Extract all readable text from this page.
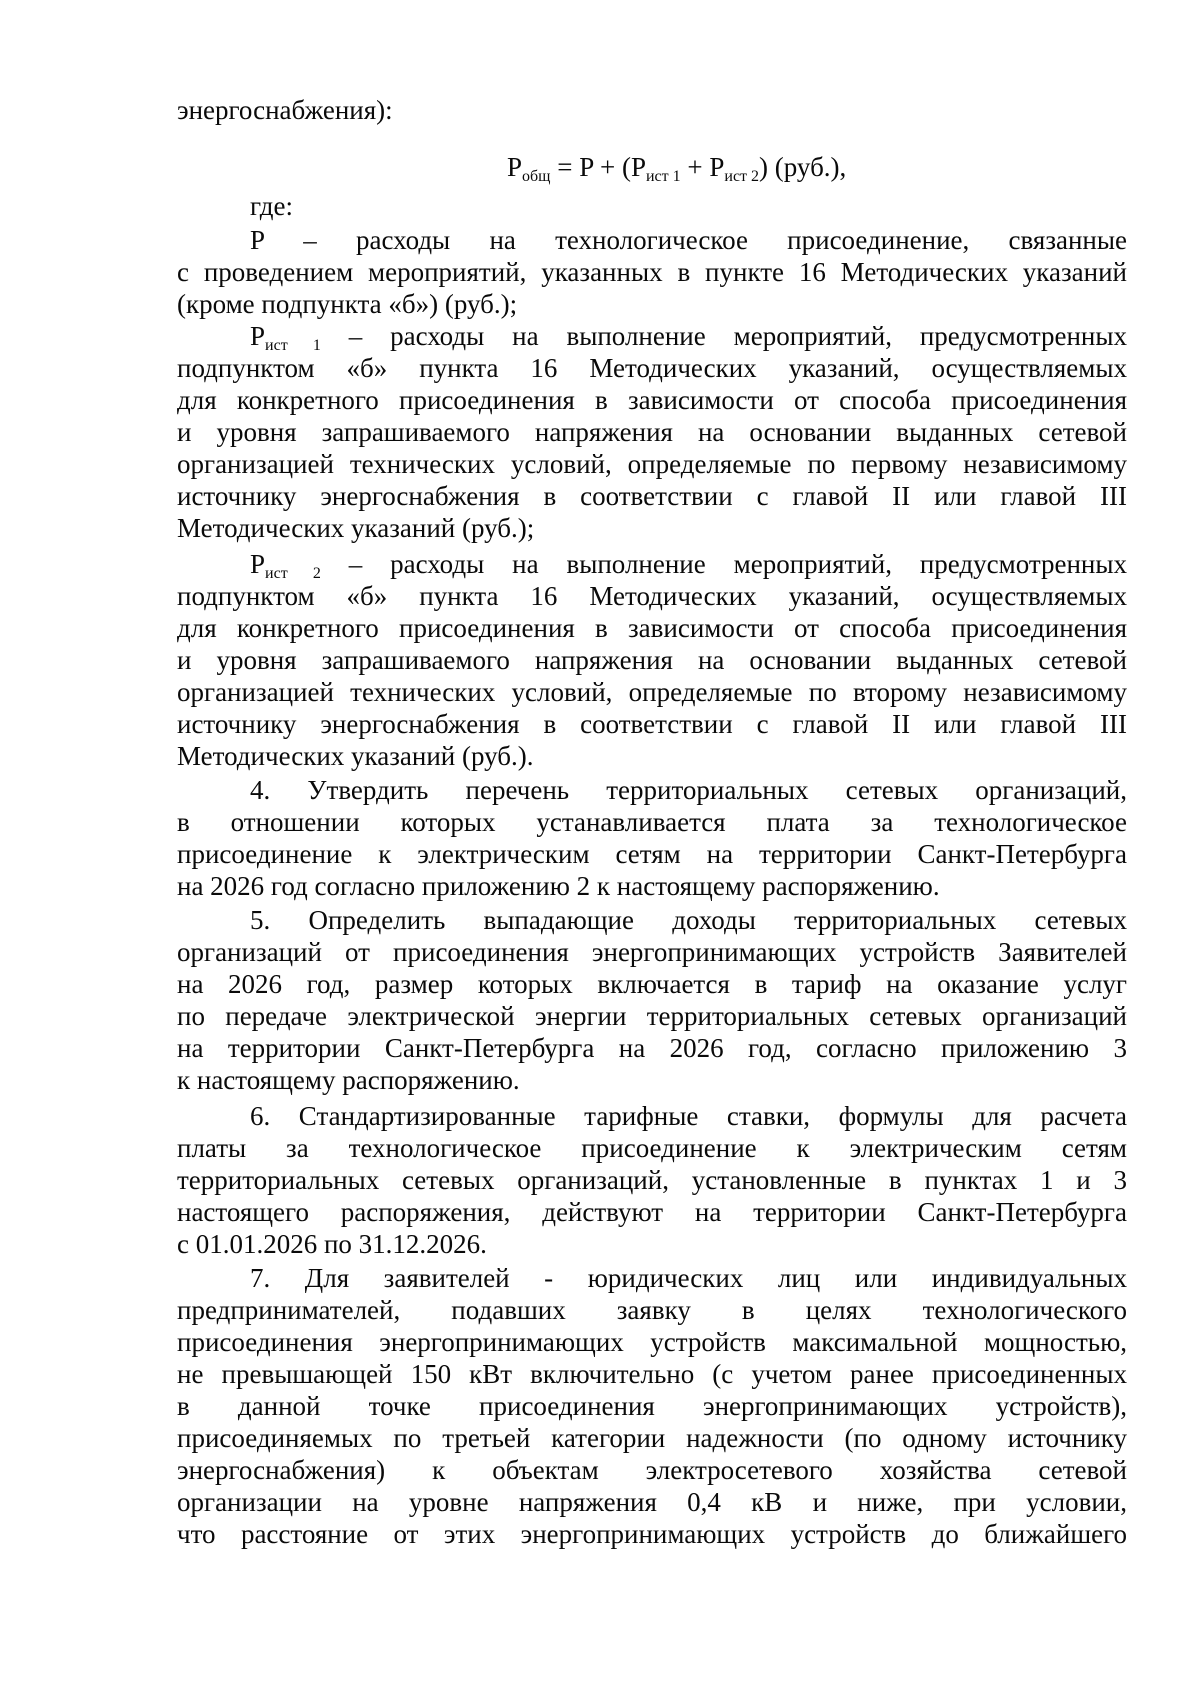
энергоснабжения):
$P_{общ} = P + (P_{ист 1} + P_{ист 2})$ (руб.),
где:
P – расходы на технологическое присоединение, связанные
с проведением мероприятий, указанных в пункте 16 Методических указаний
(кроме подпункта «б») (руб.);
$P_{ист 1}$ – расходы на выполнение мероприятий, предусмотренных
подпунктом «б» пункта 16 Методических указаний, осуществляемых
для конкретного присоединения в зависимости от способа присоединения
и уровня запрашиваемого напряжения на основании выданных сетевой
организацией технических условий, определяемые по первому независимому
источнику энергоснабжения в соответствии с главой II или главой III
Методических указаний (руб.);
$P_{ист 2}$ – расходы на выполнение мероприятий, предусмотренных
подпунктом «б» пункта 16 Методических указаний, осуществляемых
для конкретного присоединения в зависимости от способа присоединения
и уровня запрашиваемого напряжения на основании выданных сетевой
организацией технических условий, определяемые по второму независимому
источнику энергоснабжения в соответствии с главой II или главой III
Методических указаний (руб.).
4. Утвердить перечень территориальных сетевых организаций,
в отношении которых устанавливается плата за технологическое
присоединение к электрическим сетям на территории Санкт-Петербурга
на 2026 год согласно приложению 2 к настоящему распоряжению.
5. Определить выпадающие доходы территориальных сетевых
организаций от присоединения энергопринимающих устройств Заявителей
на 2026 год, размер которых включается в тариф на оказание услуг
по передаче электрической энергии территориальных сетевых организаций
на территории Санкт-Петербурга на 2026 год, согласно приложению 3
к настоящему распоряжению.
6. Стандартизированные тарифные ставки, формулы для расчета
платы за технологическое присоединение к электрическим сетям
территориальных сетевых организаций, установленные в пунктах 1 и 3
настоящего распоряжения, действуют на территории Санкт-Петербурга
с 01.01.2026 по 31.12.2026.
7. Для заявителей - юридических лиц или индивидуальных
предпринимателей, подавших заявку в целях технологического
присоединения энергопринимающих устройств максимальной мощностью,
не превышающей 150 кВт включительно (с учетом ранее присоединенных
в данной точке присоединения энергопринимающих устройств),
присоединяемых по третьей категории надежности (по одному источнику
энергоснабжения) к объектам электросетевого хозяйства сетевой
организации на уровне напряжения 0,4 кВ и ниже, при условии,
что расстояние от этих энергопринимающих устройств до ближайшего
